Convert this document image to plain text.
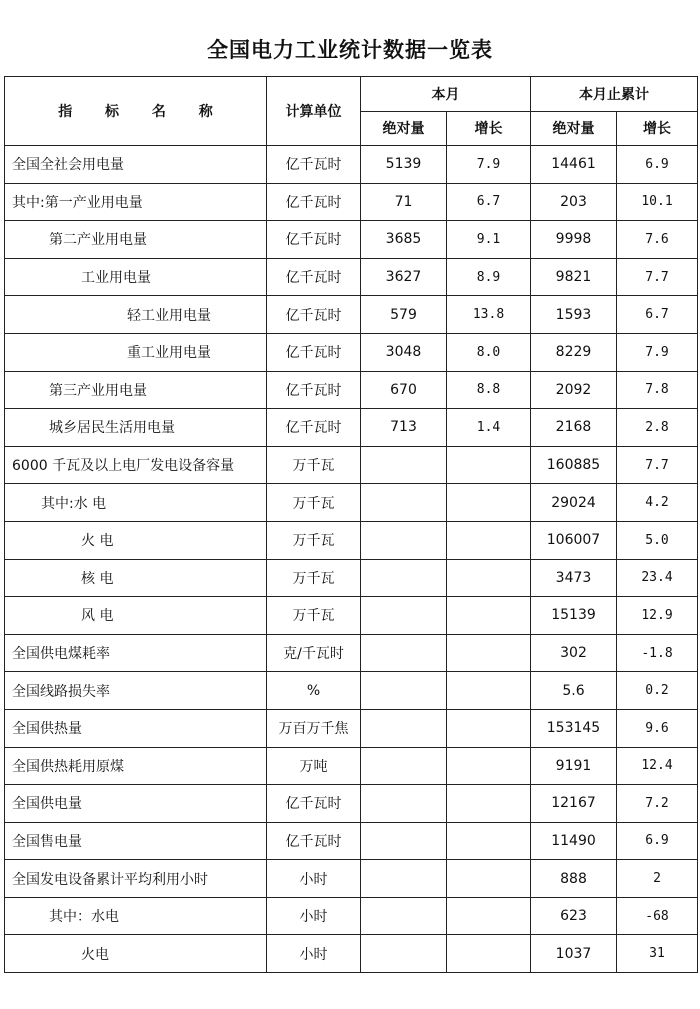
全国电力工业统计数据一览表
指 标 名 称	计算单位	本月		本月止累计	
		绝对量	增长	绝对量	增长
全国全社会用电量	亿千瓦时	5139	7.9	14461	6.9
其中:第一产业用电量	亿千瓦时	71	6.7	203	10.1
第二产业用电量	亿千瓦时	3685	9.1	9998	7.6
工业用电量	亿千瓦时	3627	8.9	9821	7.7
轻工业用电量	亿千瓦时	579	13.8	1593	6.7
重工业用电量	亿千瓦时	3048	8.0	8229	7.9
第三产业用电量	亿千瓦时	670	8.8	2092	7.8
城乡居民生活用电量	亿千瓦时	713	1.4	2168	2.8
6000 千瓦及以上电厂发电设备容量	万千瓦			160885	7.7
其中:水 电	万千瓦			29024	4.2
火 电	万千瓦			106007	5.0
核 电	万千瓦			3473	23.4
风 电	万千瓦			15139	12.9
全国供电煤耗率	克/千瓦时			302	-1.8
全国线路损失率	%			5.6	0.2
全国供热量	万百万千焦			153145	9.6
全国供热耗用原煤	万吨			9191	12.4
全国供电量	亿千瓦时			12167	7.2
全国售电量	亿千瓦时			11490	6.9
全国发电设备累计平均利用小时	小时			888	2
其中：水电	小时			623	-68
火电	小时			1037	31
